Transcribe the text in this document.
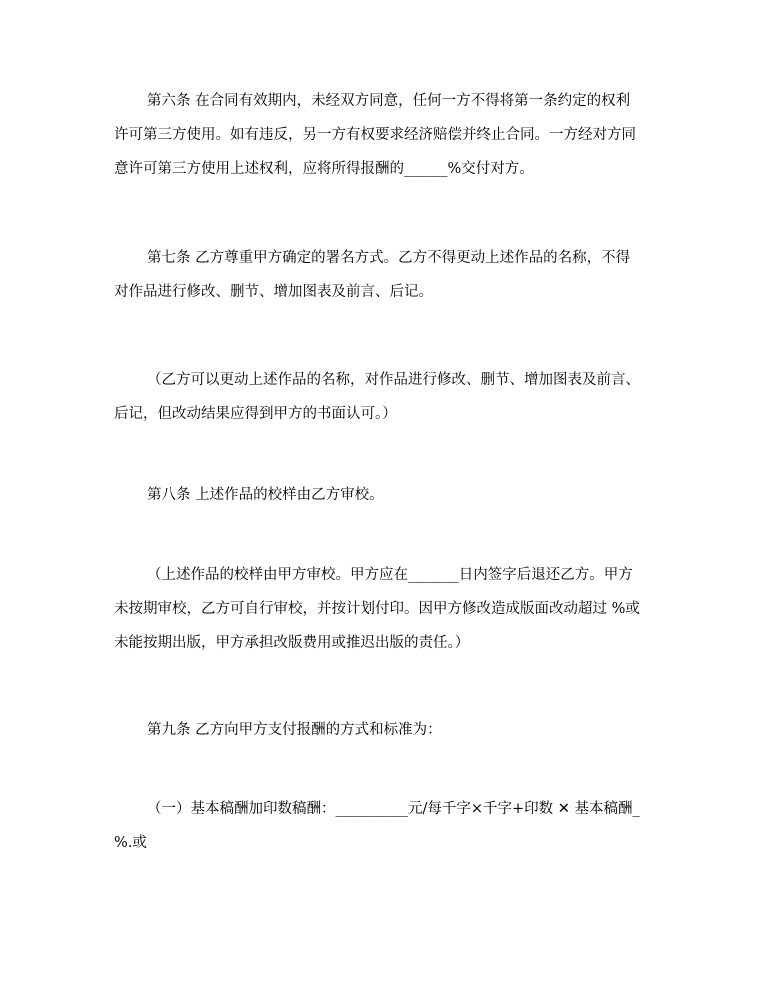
第六条 在合同有效期内，未经双方同意，任何一方不得将第一条约定的权利
许可第三方使用。如有违反，另一方有权要求经济赔偿并终止合同。一方经对方同
意许可第三方使用上述权利，应将所得报酬的______%交付对方。

第七条 乙方尊重甲方确定的署名方式。乙方不得更动上述作品的名称，不得
对作品进行修改、删节、增加图表及前言、后记。

（乙方可以更动上述作品的名称，对作品进行修改、删节、增加图表及前言、
后记，但改动结果应得到甲方的书面认可。）

第八条 上述作品的校样由乙方审校。

（上述作品的校样由甲方审校。甲方应在_______日内签字后退还乙方。甲方
未按期审校，乙方可自行审校，并按计划付印。因甲方修改造成版面改动超过 %或
未能按期出版，甲方承担改版费用或推迟出版的责任。）

第九条 乙方向甲方支付报酬的方式和标准为：

（一）基本稿酬加印数稿酬：__________元/每千字×千字+印数 ✕ 基本稿酬_
%.或
